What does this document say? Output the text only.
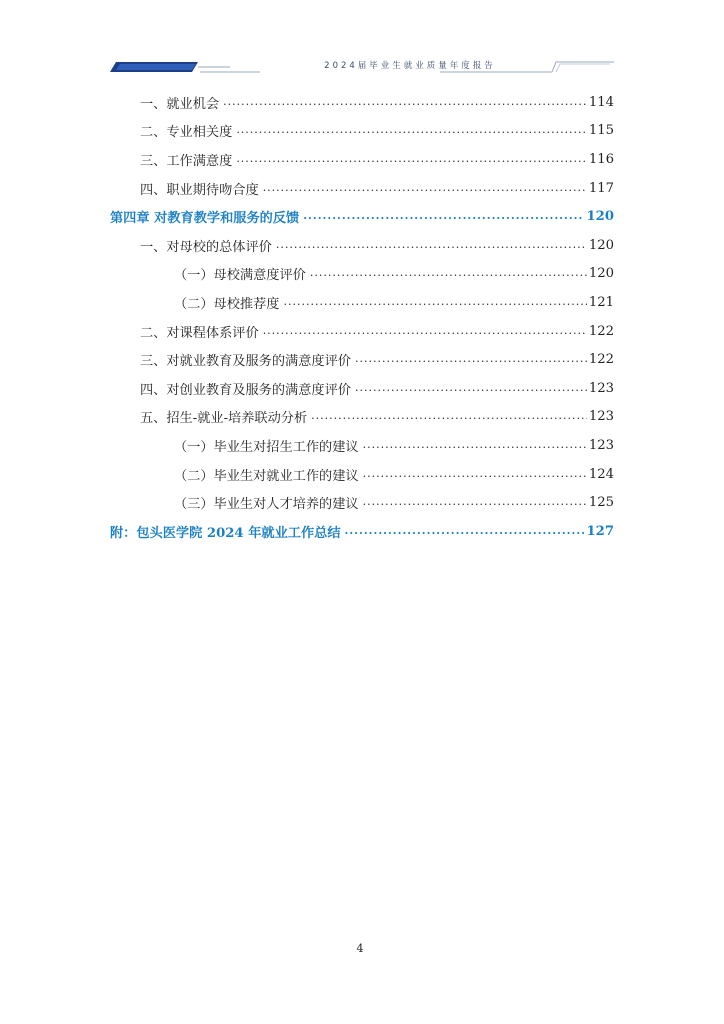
2024届毕业生就业质量年度报告
一、就业机会 .....	114
二、专业相关度 .....	115
三、工作满意度 .....	116
四、职业期待吻合度 .....	117
第四章 对教育教学和服务的反馈 .....	120
一、对母校的总体评价 .....	120
（一）母校满意度评价 .....	120
（二）母校推荐度 .....	121
二、对课程体系评价 .....	122
三、对就业教育及服务的满意度评价 .....	122
四、对创业教育及服务的满意度评价 .....	123
五、招生-就业-培养联动分析 .....	123
（一）毕业生对招生工作的建议 .....	123
（二）毕业生对就业工作的建议 .....	124
（三）毕业生对人才培养的建议 .....	125
附：包头医学院 2024 年就业工作总结 .....	127
4
